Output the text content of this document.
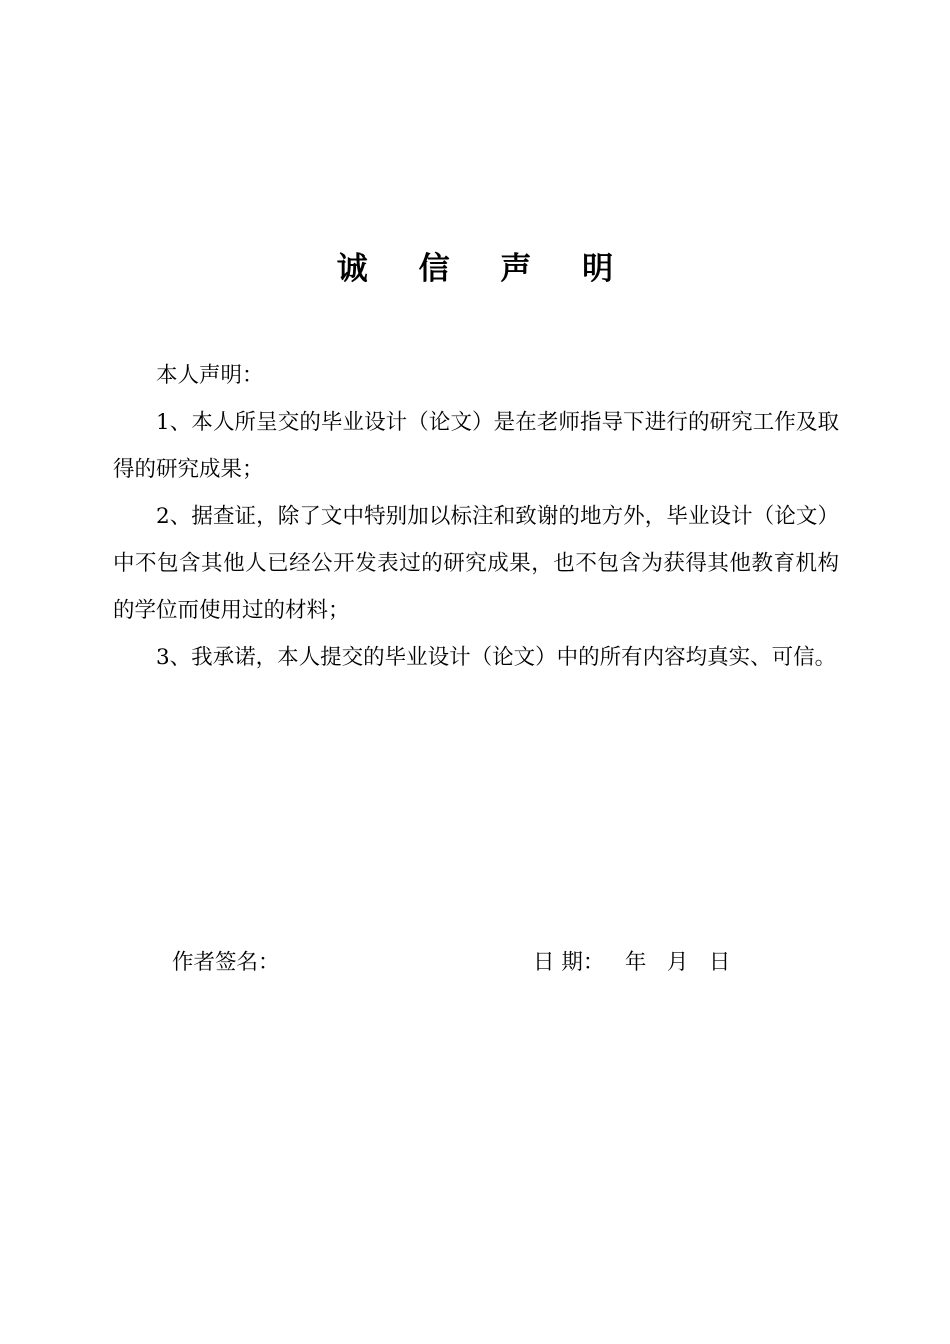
诚 信 声 明

本人声明：

1、本人所呈交的毕业设计（论文）是在老师指导下进行的研究工作及取得的研究成果；

2、据查证，除了文中特别加以标注和致谢的地方外，毕业设计（论文）中不包含其他人已经公开发表过的研究成果，也不包含为获得其他教育机构的学位而使用过的材料；

3、我承诺，本人提交的毕业设计（论文）中的所有内容均真实、可信。

作者签名：	日 期：   年   月   日
